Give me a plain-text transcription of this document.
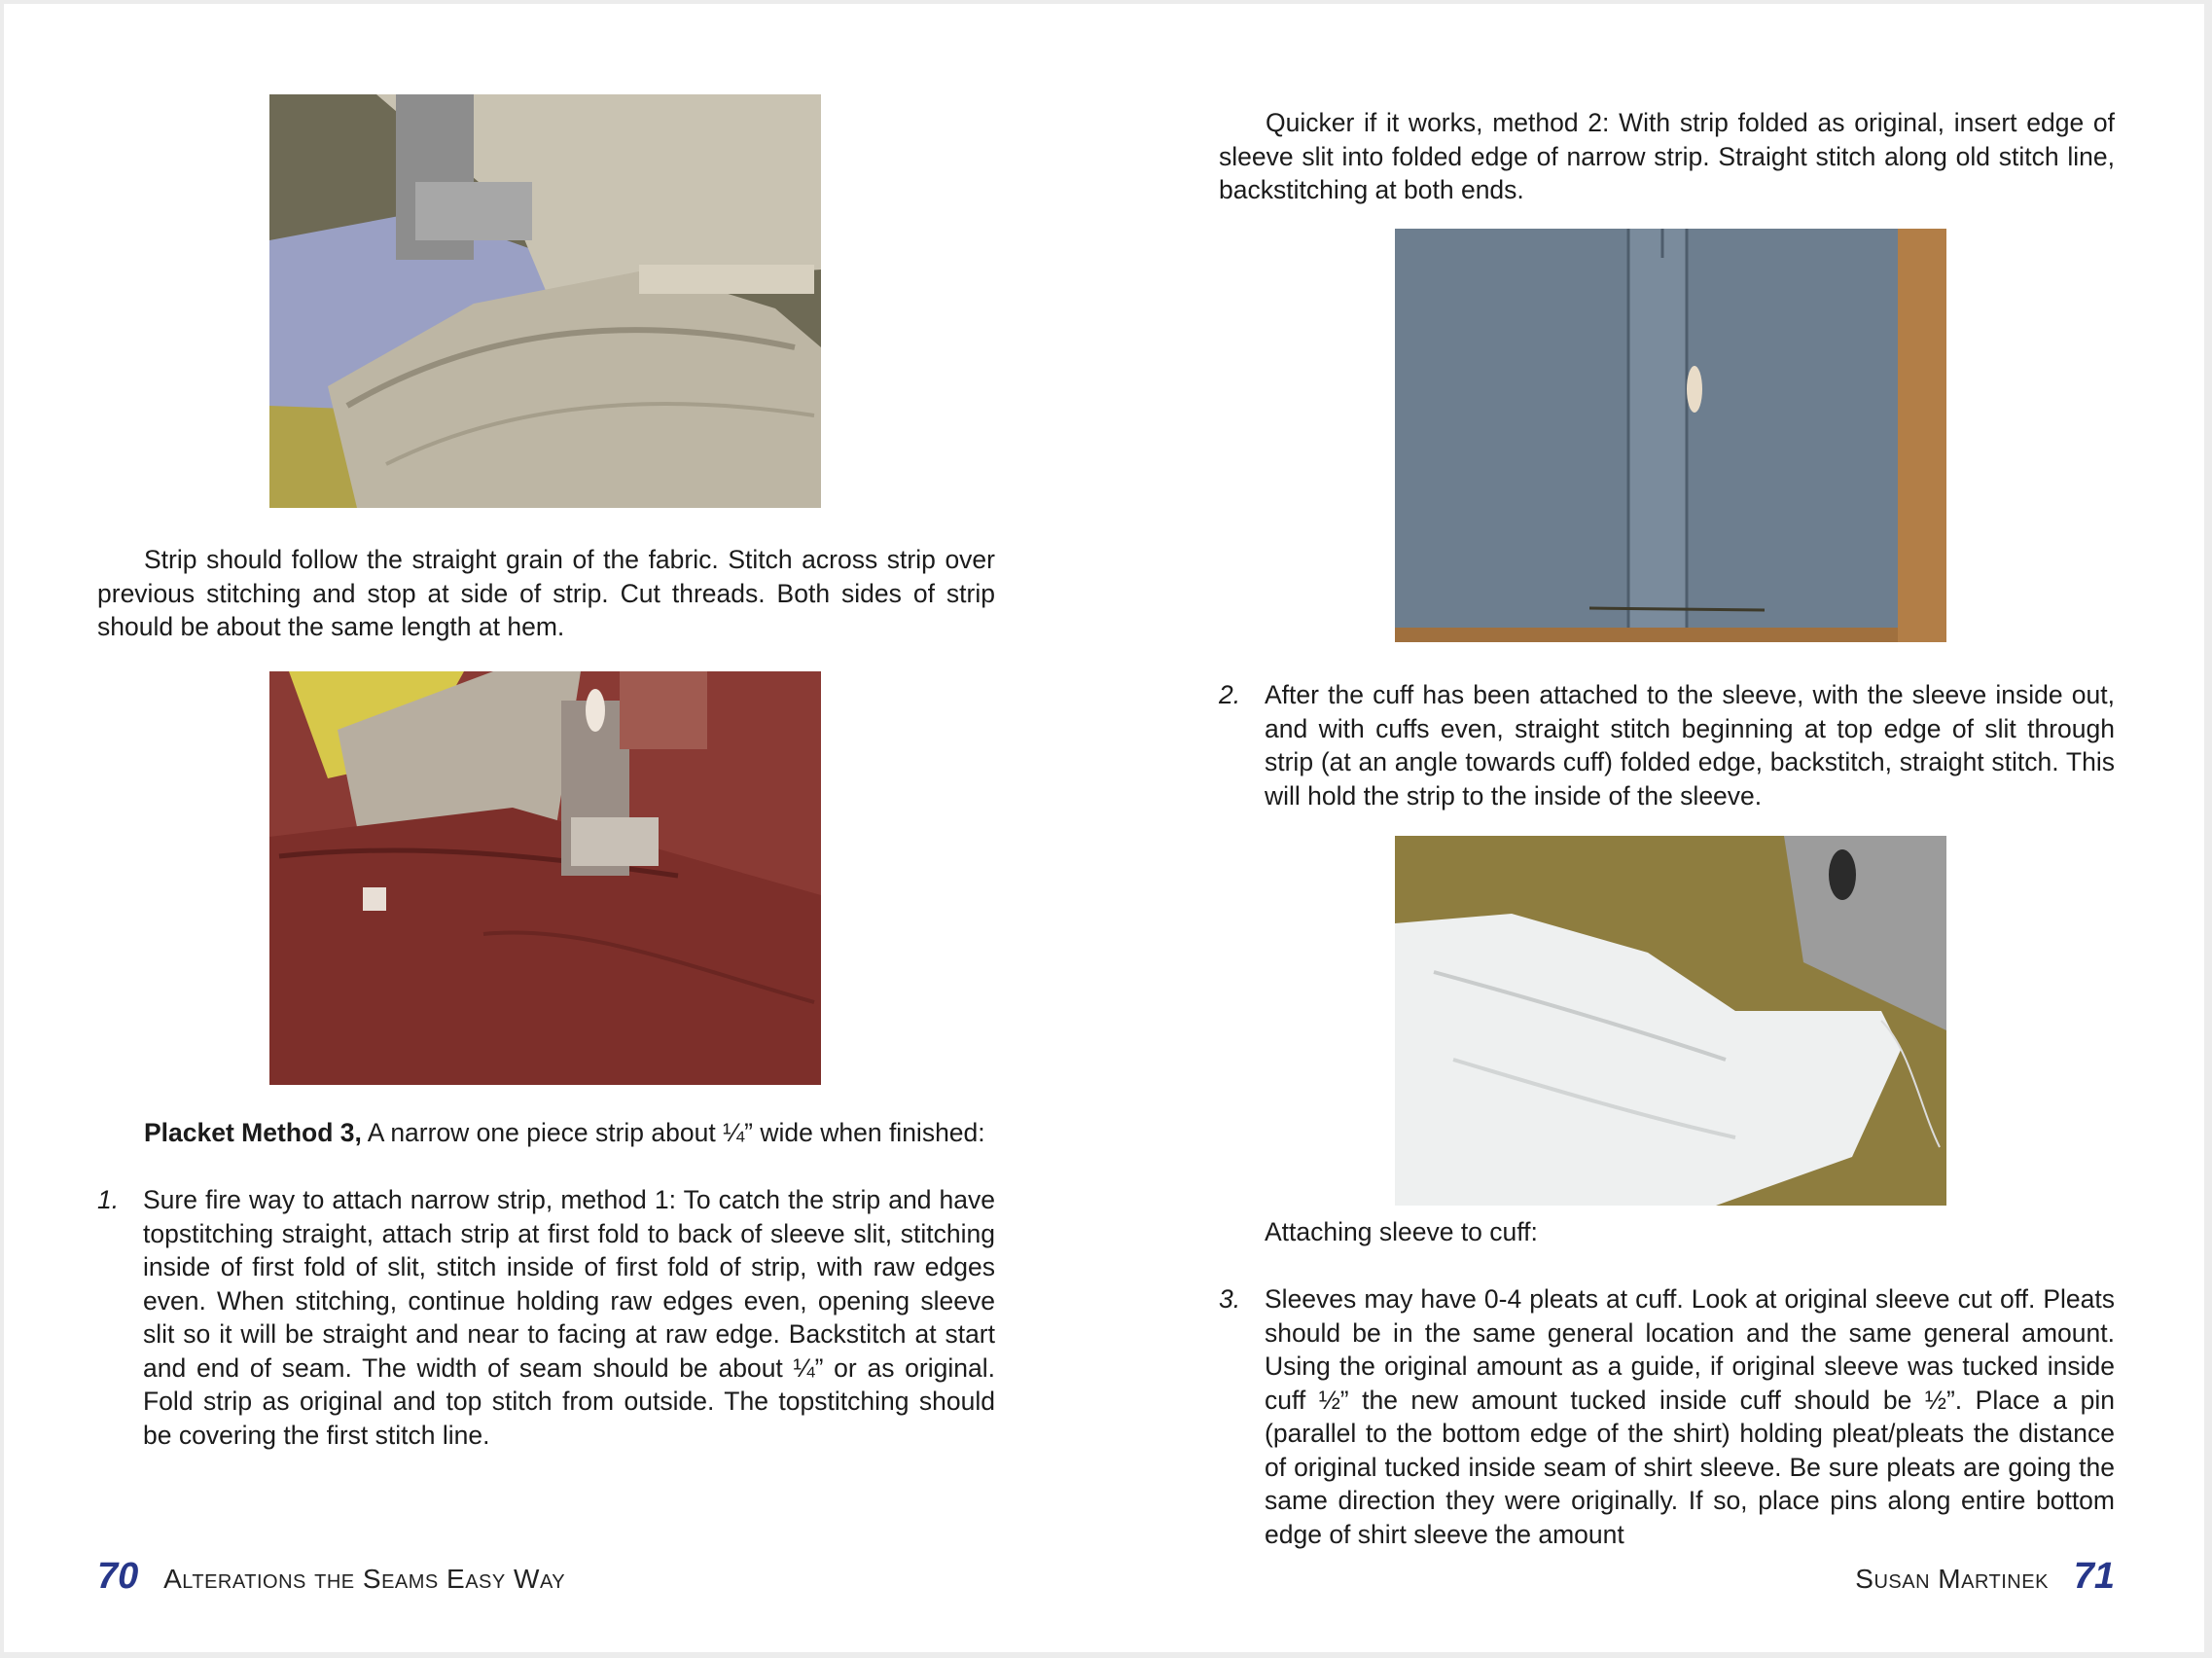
Strip should follow the straight grain of the fabric. Stitch across strip over previous stitching and stop at side of strip. Cut threads. Both sides of strip should be about the same length at hem.

Placket Method 3, A narrow one piece strip about ¼” wide when finished:

1. Sure fire way to attach narrow strip, method 1: To catch the strip and have topstitching straight, attach strip at first fold to back of sleeve slit, stitching inside of first fold of slit, stitch inside of first fold of strip, with raw edges even. When stitching, continue holding raw edges even, opening sleeve slit so it will be straight and near to facing at raw edge. Backstitch at start and end of seam. The width of seam should be about ¼” or as original. Fold strip as original and top stitch from outside. The topstitching should be covering the first stitch line.
70 Alterations the Seams Easy Way

Quicker if it works, method 2: With strip folded as original, insert edge of sleeve slit into folded edge of narrow strip. Straight stitch along old stitch line, backstitching at both ends.

2. After the cuff has been attached to the sleeve, with the sleeve inside out, and with cuffs even, straight stitch beginning at top edge of slit through strip (at an angle towards cuff) folded edge, backstitch, straight stitch. This will hold the strip to the inside of the sleeve.

Attaching sleeve to cuff:

3. Sleeves may have 0-4 pleats at cuff. Look at original sleeve cut off. Pleats should be in the same general location and the same general amount. Using the original amount as a guide, if original sleeve was tucked inside cuff ½” the new amount tucked inside cuff should be ½”. Place a pin (parallel to the bottom edge of the shirt) holding pleat/pleats the distance of original tucked inside seam of shirt sleeve. Be sure pleats are going the same direction they were originally. If so, place pins along entire bottom edge of shirt sleeve the amount
Susan Martinek 71
